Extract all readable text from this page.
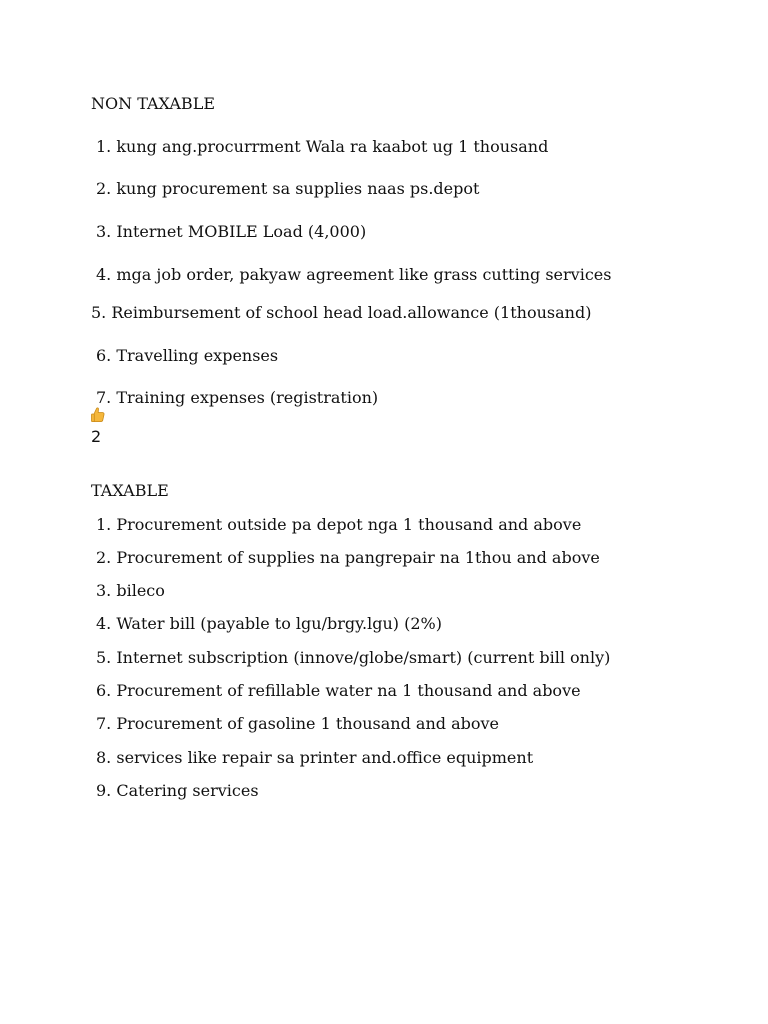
NON TAXABLE
1. kung ang.procurrment Wala ra kaabot ug 1 thousand
2. kung procurement sa supplies naas ps.depot
3. Internet MOBILE Load (4,000)
4. mga job order, pakyaw agreement like grass cutting services
5. Reimbursement of school head load.allowance (1thousand)
6. Travelling expenses
7. Training expenses (registration)
2
TAXABLE
1. Procurement outside pa depot nga 1 thousand and above
2. Procurement of supplies na pangrepair na 1thou and above
3. bileco
4. Water bill (payable to lgu/brgy.lgu) (2%)
5. Internet subscription (innove/globe/smart) (current bill only)
6. Procurement of refillable water na 1 thousand and above
7. Procurement of gasoline 1 thousand and above
8. services like repair sa printer and.office equipment
9. Catering services
